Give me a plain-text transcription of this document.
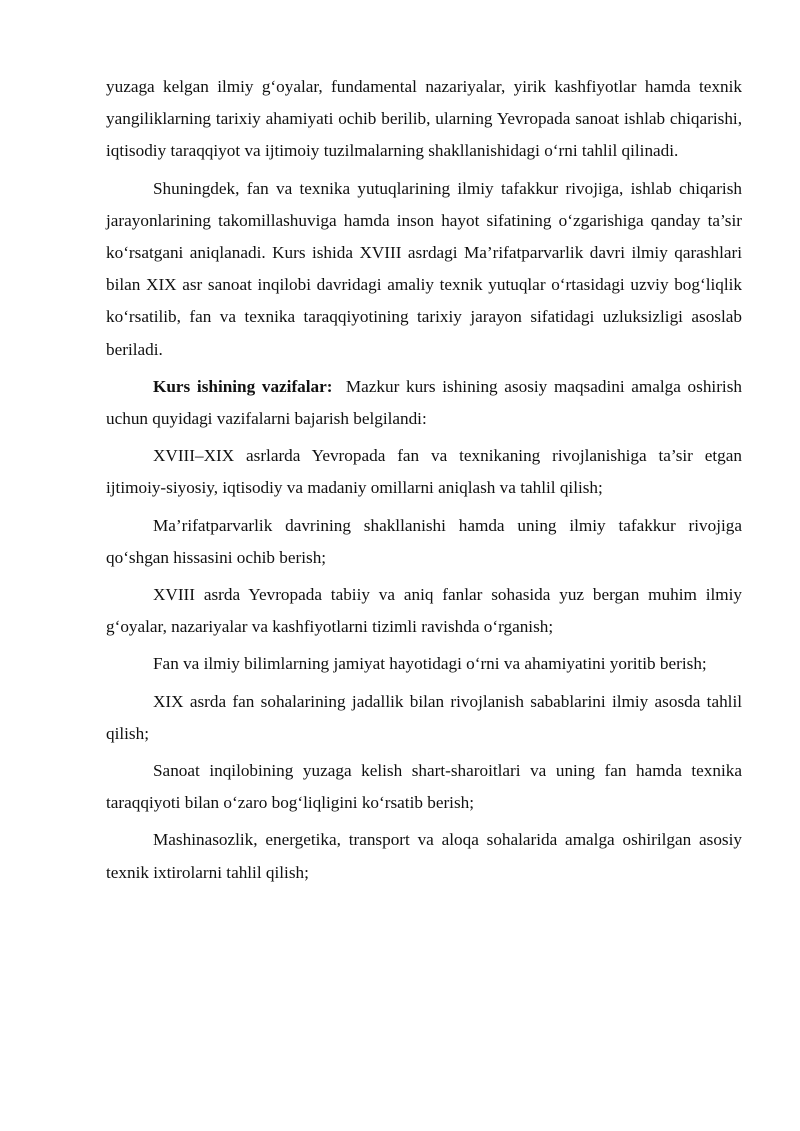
yuzaga kelgan ilmiy g‘oyalar, fundamental nazariyalar, yirik kashfiyotlar hamda texnik yangiliklarning tarixiy ahamiyati ochib berilib, ularning Yevropada sanoat ishlab chiqarishi, iqtisodiy taraqqiyot va ijtimoiy tuzilmalarning shakllanishidagi o‘rni tahlil qilinadi.

Shuningdek, fan va texnika yutuqlarining ilmiy tafakkur rivojiga, ishlab chiqarish jarayonlarining takomillashuviga hamda inson hayot sifatining o‘zgarishiga qanday ta’sir ko‘rsatgani aniqlanadi. Kurs ishida XVIII asrdagi Ma’rifatparvarlik davri ilmiy qarashlari bilan XIX asr sanoat inqilobi davridagi amaliy texnik yutuqlar o‘rtasidagi uzviy bog‘liqlik ko‘rsatilib, fan va texnika taraqqiyotining tarixiy jarayon sifatidagi uzluksizligi asoslab beriladi.

Kurs ishining vazifalar: Mazkur kurs ishining asosiy maqsadini amalga oshirish uchun quyidagi vazifalarni bajarish belgilandi:

XVIII–XIX asrlarda Yevropada fan va texnikaning rivojlanishiga ta’sir etgan ijtimoiy-siyosiy, iqtisodiy va madaniy omillarni aniqlash va tahlil qilish;

Ma’rifatparvarlik davrining shakllanishi hamda uning ilmiy tafakkur rivojiga qo‘shgan hissasini ochib berish;

XVIII asrda Yevropada tabiiy va aniq fanlar sohasida yuz bergan muhim ilmiy g‘oyalar, nazariyalar va kashfiyotlarni tizimli ravishda o‘rganish;

Fan va ilmiy bilimlarning jamiyat hayotidagi o‘rni va ahamiyatini yoritib berish;

XIX asrda fan sohalarining jadallik bilan rivojlanish sabablarini ilmiy asosda tahlil qilish;

Sanoat inqilobining yuzaga kelish shart-sharoitlari va uning fan hamda texnika taraqqiyoti bilan o‘zaro bog‘liqligini ko‘rsatib berish;

Mashinasozlik, energetika, transport va aloqa sohalarida amalga oshirilgan asosiy texnik ixtirolarni tahlil qilish;
